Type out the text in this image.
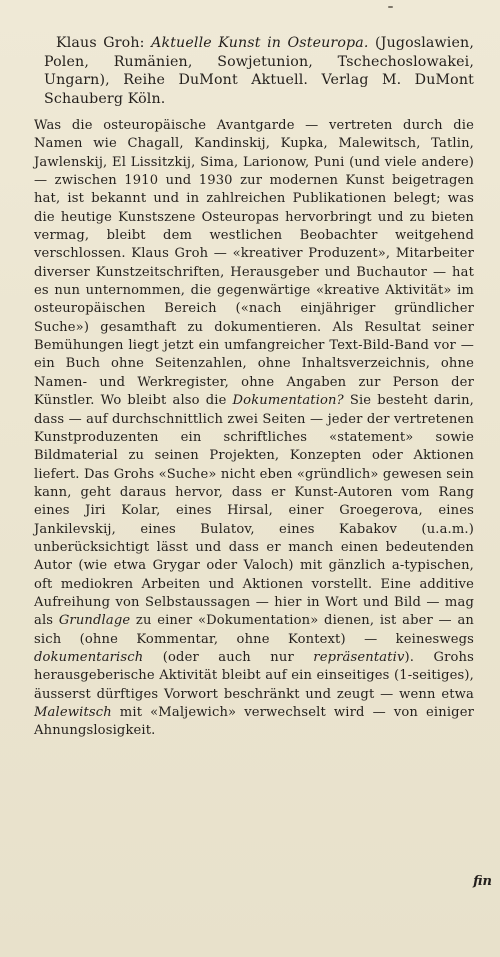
Klaus Groh: Aktuelle Kunst in Osteuropa. (Jugoslawien, Polen, Rumänien, Sowjetunion, Tschechoslowakei, Ungarn), Reihe DuMont Aktuell. Verlag M. DuMont Schauberg Köln.

Was die osteuropäische Avantgarde — vertreten durch die Namen wie Chagall, Kandinskij, Kupka, Malewitsch, Tatlin, Jawlenskij, El Lissitzkij, Sima, Larionow, Puni (und viele andere) — zwischen 1910 und 1930 zur modernen Kunst beigetragen hat, ist bekannt und in zahlreichen Publikationen belegt; was die heutige Kunstszene Osteuropas hervorbringt und zu bieten vermag, bleibt dem westlichen Beobachter weitgehend verschlossen. Klaus Groh — «kreativer Produzent», Mitarbeiter diverser Kunstzeitschriften, Herausgeber und Buchautor — hat es nun unternommen, die gegenwärtige «kreative Aktivität» im osteuropäischen Bereich («nach einjähriger gründlicher Suche») gesamthaft zu dokumentieren. Als Resultat seiner Bemühungen liegt jetzt ein umfangreicher Text-Bild-Band vor — ein Buch ohne Seitenzahlen, ohne Inhaltsverzeichnis, ohne Namen- und Werkregister, ohne Angaben zur Person der Künstler. Wo bleibt also die Dokumentation? Sie besteht darin, dass — auf durchschnittlich zwei Seiten — jeder der vertretenen Kunstproduzenten ein schriftliches «statement» sowie Bildmaterial zu seinen Projekten, Konzepten oder Aktionen liefert. Das Grohs «Suche» nicht eben «gründlich» gewesen sein kann, geht daraus hervor, dass er Kunst-Autoren vom Rang eines Jiri Kolar, eines Hirsal, einer Groegerova, eines Jankilevskij, eines Bulatov, eines Kabakov (u.a.m.) unberücksichtigt lässt und dass er manch einen bedeutenden Autor (wie etwa Grygar oder Valoch) mit gänzlich a-typischen, oft mediokren Arbeiten und Aktionen vorstellt. Eine additive Aufreihung von Selbstaussagen — hier in Wort und Bild — mag als Grundlage zu einer «Dokumentation» dienen, ist aber — an sich (ohne Kommentar, ohne Kontext) — keineswegs dokumentarisch (oder auch nur repräsentativ). Grohs herausgeberische Aktivität bleibt auf ein einseitiges (1-seitiges), äusserst dürftiges Vorwort beschränkt und zeugt — wenn etwa Malewitsch mit «Maljewich» verwechselt wird — von einiger Ahnungslosigkeit.

fin
